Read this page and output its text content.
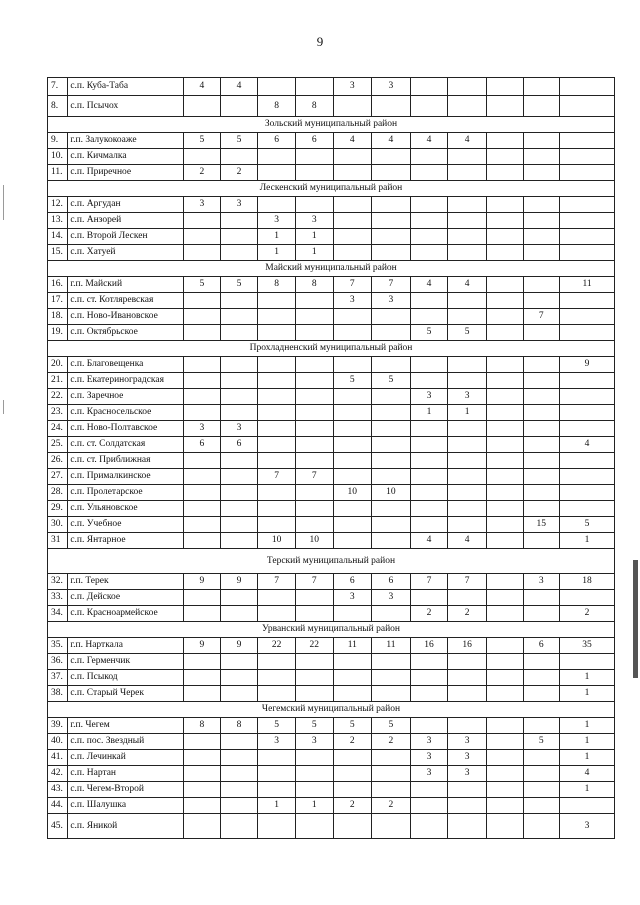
9
7.	с.п. Куба-Таба	4	4			3	3					
8.	с.п. Псычох			8	8							
Зольский муниципальный район												
9.	г.п. Залукокоаже	5	5	6	6	4	4	4	4			
10.	с.п. Кичмалка											
11.	с.п. Приречное	2	2									
Лескенский муниципальный район												
12.	с.п. Аргудан	3	3									
13.	с.п. Анзорей			3	3							
14.	с.п. Второй Лескен			1	1							
15.	с.п. Хатуей			1	1							
Майский муниципальный район												
16.	г.п. Майский	5	5	8	8	7	7	4	4			11
17.	с.п. ст. Котляревская					3	3					
18.	с.п. Ново-Ивановское										7	
19.	с.п. Октябрьское							5	5			
Прохладненский муниципальный район												
20.	с.п. Благовещенка											9
21.	с.п. Екатериноградская					5	5					
22.	с.п. Заречное							3	3			
23.	с.п. Красносельское							1	1			
24.	с.п. Ново-Полтавское	3	3									
25.	с.п. ст. Солдатская	6	6									4
26.	с.п. ст. Приближная											
27.	с.п. Прималкинское			7	7							
28.	с.п. Пролетарское					10	10					
29.	с.п. Ульяновское											
30.	с.п. Учебное										15	5
31	с.п. Янтарное			10	10			4	4			1
Терский муниципальный район												
32.	г.п. Терек	9	9	7	7	6	6	7	7		3	18
33.	с.п. Дейское					3	3					
34.	с.п. Красноармейское							2	2			2
Урванский муниципальный район												
35.	г.п. Нарткала	9	9	22	22	11	11	16	16		6	35
36.	с.п. Герменчик											
37.	с.п. Псыкод											1
38.	с.п. Старый Черек											1
Чегемский муниципальный район												
39.	г.п. Чегем	8	8	5	5	5	5					1
40.	с.п. пос. Звездный			3	3	2	2	3	3		5	1
41.	с.п. Лечинкай							3	3			1
42.	с.п. Нартан							3	3			4
43.	с.п. Чегем-Второй											1
44.	с.п. Шалушка			1	1	2	2					
45.	с.п. Яникой											3
